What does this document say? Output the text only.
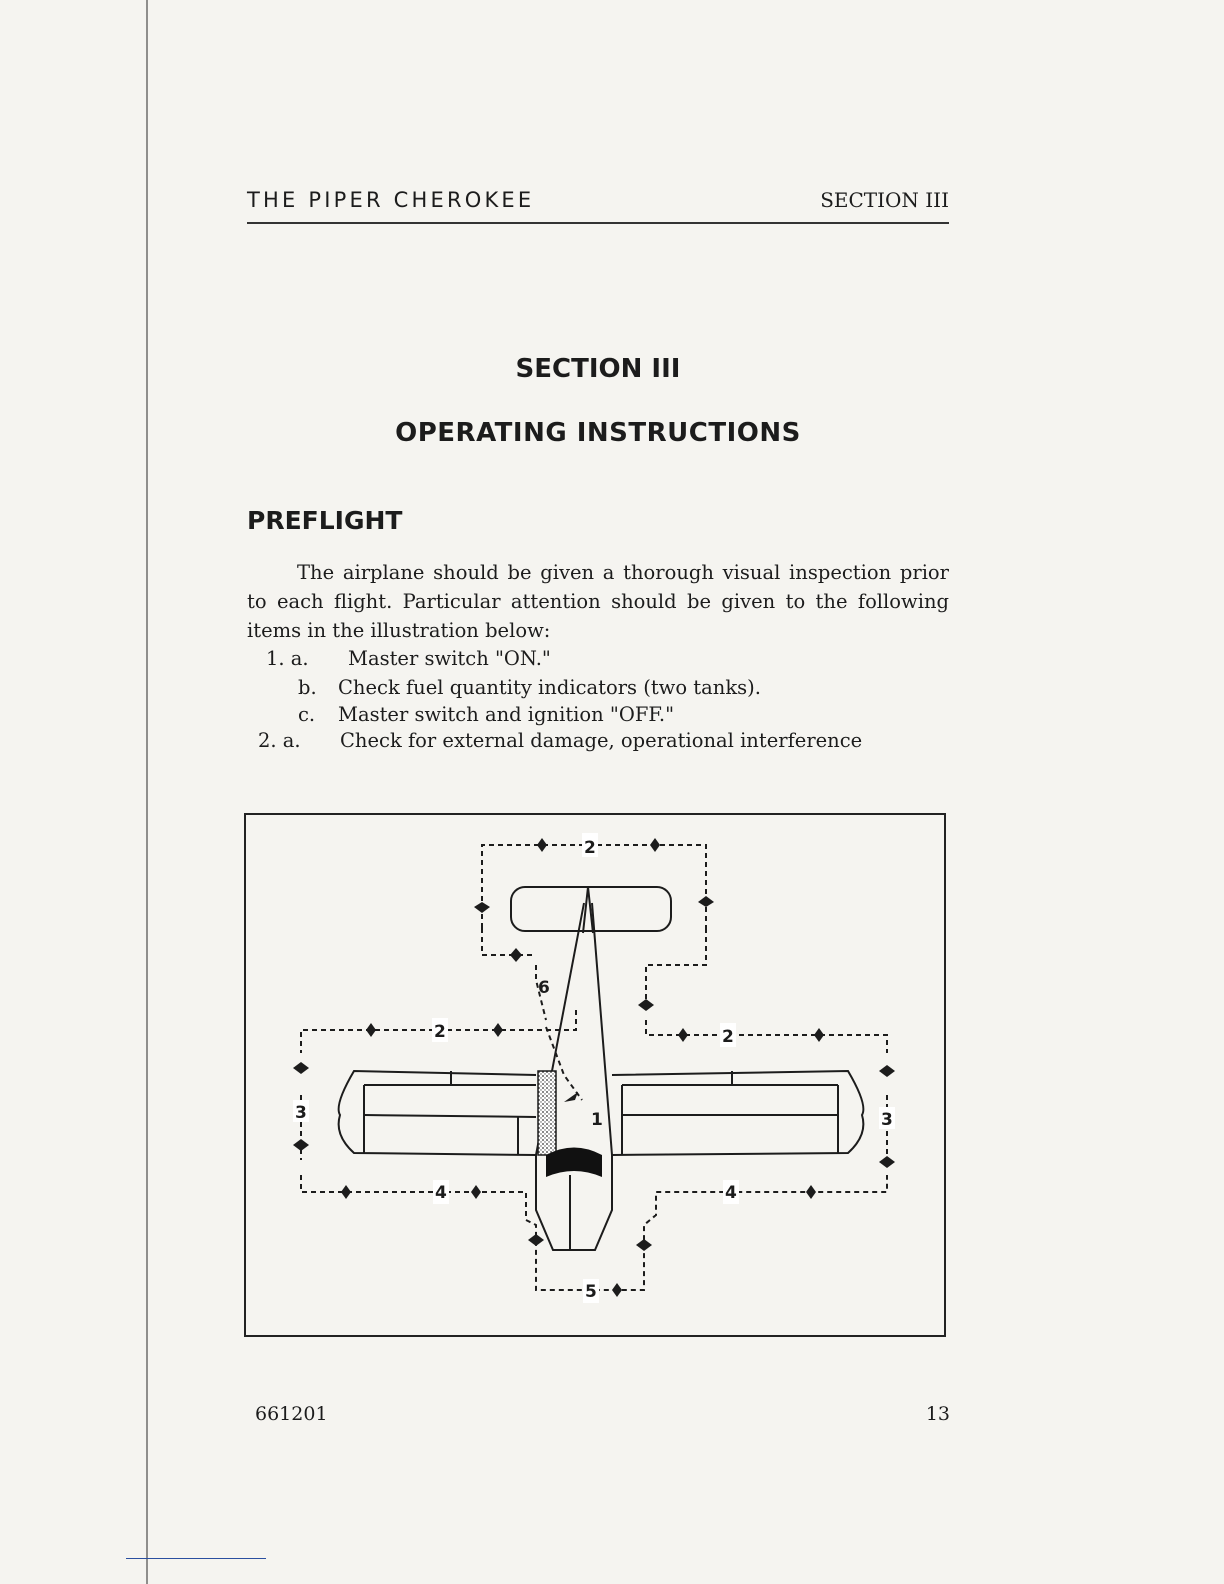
THE PIPER CHEROKEE	SECTION III
SECTION III
OPERATING INSTRUCTIONS
PREFLIGHT

The airplane should be given a thorough visual inspection prior to each flight. Particular attention should be given to the following items in the illustration below:

1. a. Master switch "ON."
b. Check fuel quantity indicators (two tanks).
c. Master switch and ignition "OFF."
2. a. Check for external damage, operational interference
2
2	2
3	3
4	4
5
6
1
661201	13
